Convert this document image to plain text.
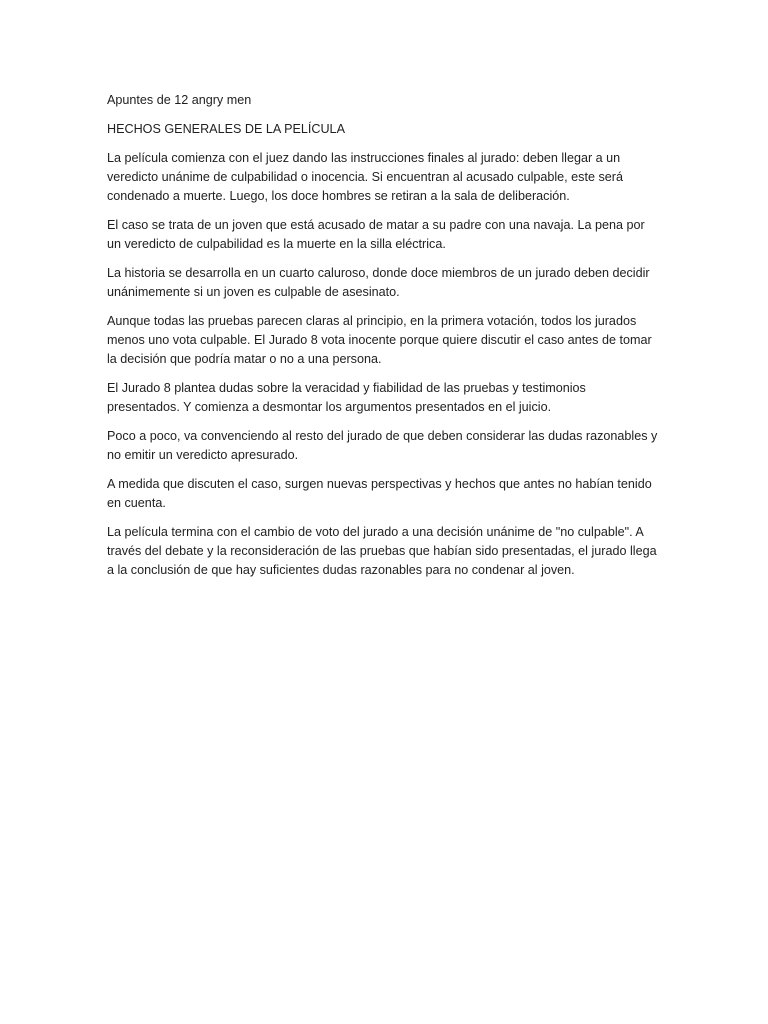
Apuntes de 12 angry men

HECHOS GENERALES DE LA PELÍCULA

La película comienza con el juez dando las instrucciones finales al jurado: deben llegar a un veredicto unánime de culpabilidad o inocencia. Si encuentran al acusado culpable, este será condenado a muerte. Luego, los doce hombres se retiran a la sala de deliberación.

El caso se trata de un joven que está acusado de matar a su padre con una navaja. La pena por un veredicto de culpabilidad es la muerte en la silla eléctrica.

La historia se desarrolla en un cuarto caluroso, donde doce miembros de un jurado deben decidir unánimemente si un joven es culpable de asesinato.

Aunque todas las pruebas parecen claras al principio, en la primera votación, todos los jurados menos uno vota culpable. El Jurado 8 vota inocente porque quiere discutir el caso antes de tomar la decisión que podría matar o no a una persona.

El Jurado 8 plantea dudas sobre la veracidad y fiabilidad de las pruebas y testimonios presentados. Y comienza a desmontar los argumentos presentados en el juicio.

Poco a poco, va convenciendo al resto del jurado de que deben considerar las dudas razonables y no emitir un veredicto apresurado.

A medida que discuten el caso, surgen nuevas perspectivas y hechos que antes no habían tenido en cuenta.

La película termina con el cambio de voto del jurado a una decisión unánime de "no culpable". A través del debate y la reconsideración de las pruebas que habían sido presentadas, el jurado llega a la conclusión de que hay suficientes dudas razonables para no condenar al joven.
